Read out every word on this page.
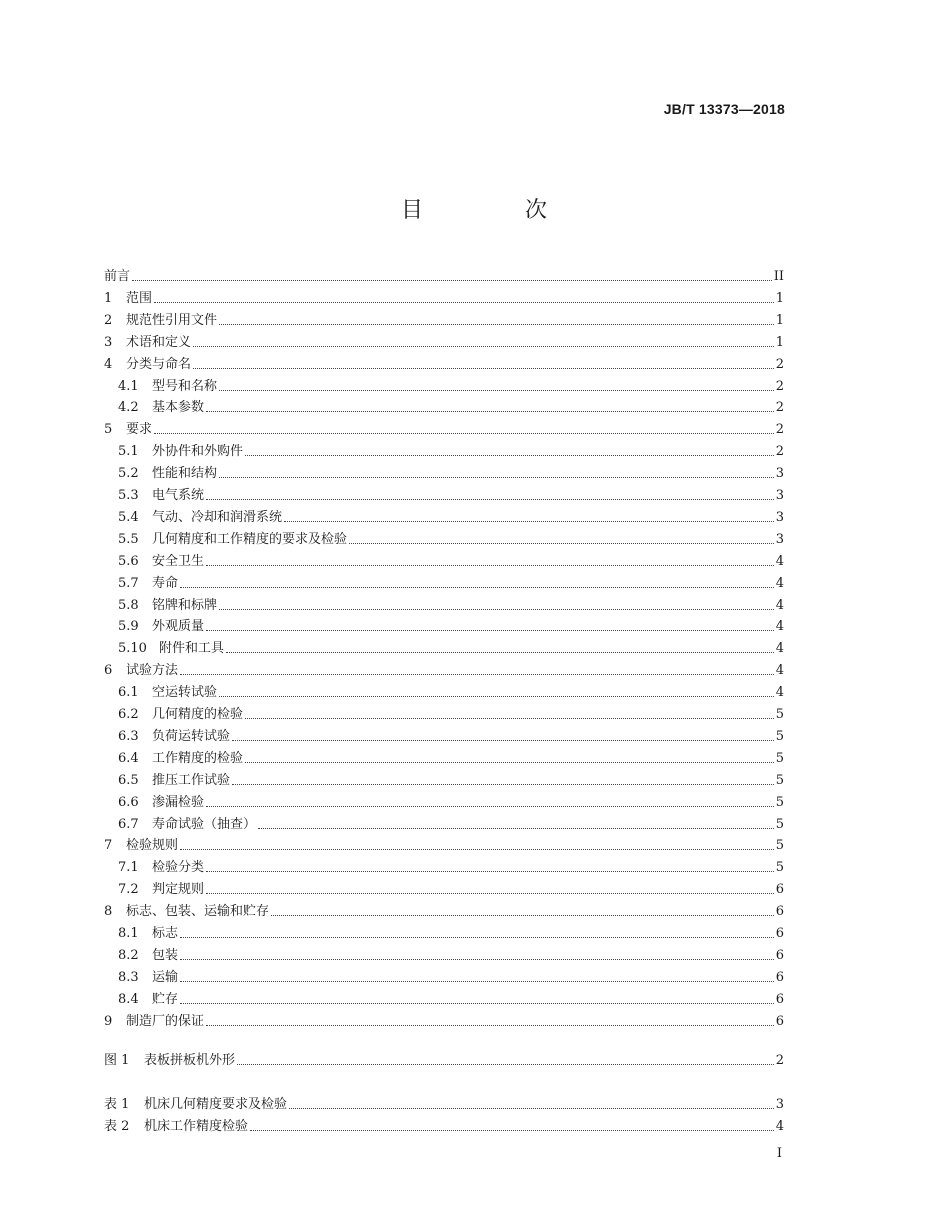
JB/T 13373—2018
目　次
前言	II
1 范围	1
2 规范性引用文件	1
3 术语和定义	1
4 分类与命名	2
4.1 型号和名称	2
4.2 基本参数	2
5 要求	2
5.1 外协件和外购件	2
5.2 性能和结构	3
5.3 电气系统	3
5.4 气动、冷却和润滑系统	3
5.5 几何精度和工作精度的要求及检验	3
5.6 安全卫生	4
5.7 寿命	4
5.8 铭牌和标牌	4
5.9 外观质量	4
5.10 附件和工具	4
6 试验方法	4
6.1 空运转试验	4
6.2 几何精度的检验	5
6.3 负荷运转试验	5
6.4 工作精度的检验	5
6.5 推压工作试验	5
6.6 渗漏检验	5
6.7 寿命试验（抽查）	5
7 检验规则	5
7.1 检验分类	5
7.2 判定规则	6
8 标志、包装、运输和贮存	6
8.1 标志	6
8.2 包装	6
8.3 运输	6
8.4 贮存	6
9 制造厂的保证	6
图 1 表板拼板机外形	2
表 1 机床几何精度要求及检验	3
表 2 机床工作精度检验	4
I
